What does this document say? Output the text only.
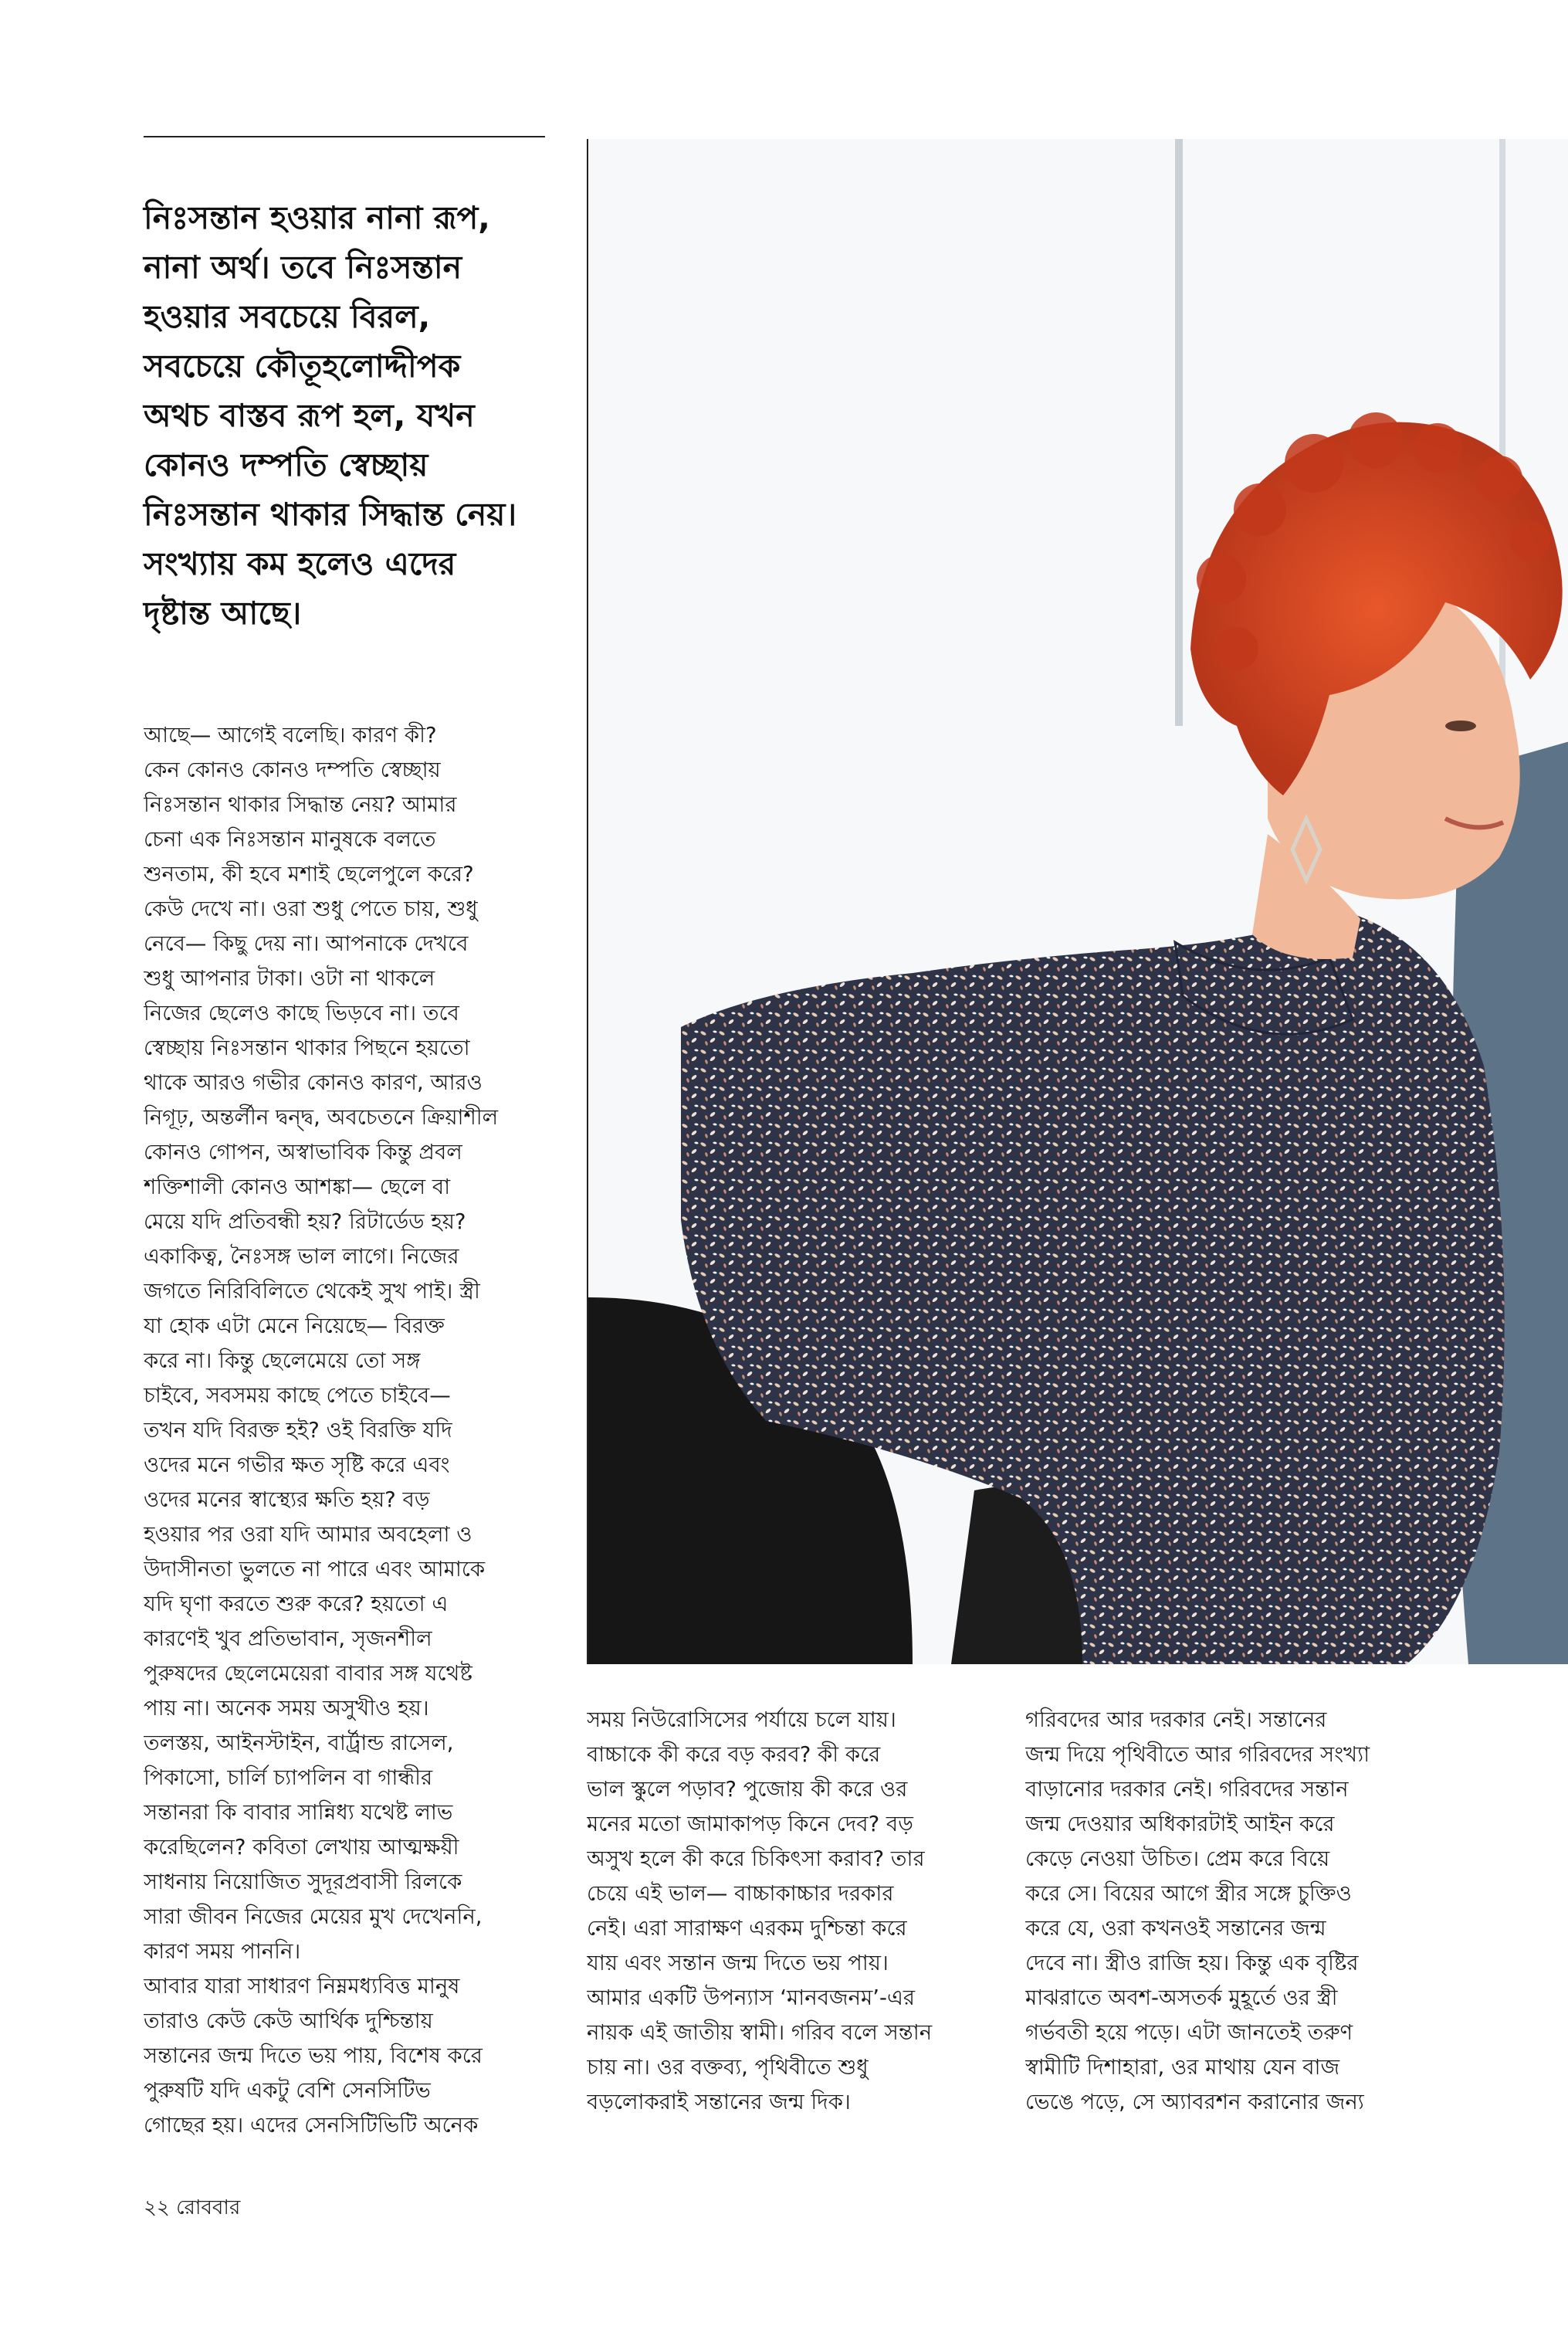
নিঃসন্তান হওয়ার নানা রূপ,
নানা অর্থ। তবে নিঃসন্তান
হওয়ার সবচেয়ে বিরল,
সবচেয়ে কৌতূহলোদ্দীপক
অথচ বাস্তব রূপ হল, যখন
কোনও দম্পতি স্বেচ্ছায়
নিঃসন্তান থাকার সিদ্ধান্ত নেয়।
সংখ্যায় কম হলেও এদের
দৃষ্টান্ত আছে।

আছে— আগেই বলেছি। কারণ কী?
কেন কোনও কোনও দম্পতি স্বেচ্ছায়
নিঃসন্তান থাকার সিদ্ধান্ত নেয়? আমার
চেনা এক নিঃসন্তান মানুষকে বলতে
শুনতাম, কী হবে মশাই ছেলেপুলে করে?
কেউ দেখে না। ওরা শুধু পেতে চায়, শুধু
নেবে— কিছু দেয় না। আপনাকে দেখবে
শুধু আপনার টাকা। ওটা না থাকলে
নিজের ছেলেও কাছে ভিড়বে না। তবে
স্বেচ্ছায় নিঃসন্তান থাকার পিছনে হয়তো
থাকে আরও গভীর কোনও কারণ, আরও
নিগূঢ়, অন্তর্লীন দ্বন্দ্ব, অবচেতনে ক্রিয়াশীল
কোনও গোপন, অস্বাভাবিক কিন্তু প্রবল
শক্তিশালী কোনও আশঙ্কা— ছেলে বা
মেয়ে যদি প্রতিবন্ধী হয়? রিটার্ডেড হয়?
একাকিত্ব, নৈঃসঙ্গ ভাল লাগে। নিজের
জগতে নিরিবিলিতে থেকেই সুখ পাই। স্ত্রী
যা হোক এটা মেনে নিয়েছে— বিরক্ত
করে না। কিন্তু ছেলেমেয়ে তো সঙ্গ
চাইবে, সবসময় কাছে পেতে চাইবে—
তখন যদি বিরক্ত হই? ওই বিরক্তি যদি
ওদের মনে গভীর ক্ষত সৃষ্টি করে এবং
ওদের মনের স্বাস্থ্যের ক্ষতি হয়? বড়
হওয়ার পর ওরা যদি আমার অবহেলা ও
উদাসীনতা ভুলতে না পারে এবং আমাকে
যদি ঘৃণা করতে শুরু করে? হয়তো এ
কারণেই খুব প্রতিভাবান, সৃজনশীল
পুরুষদের ছেলেমেয়েরা বাবার সঙ্গ যথেষ্ট
পায় না। অনেক সময় অসুখীও হয়।
তলস্তয়, আইনস্টাইন, বার্ট্রান্ড রাসেল,
পিকাসো, চার্লি চ্যাপলিন বা গান্ধীর
সন্তানরা কি বাবার সান্নিধ্য যথেষ্ট লাভ
করেছিলেন? কবিতা লেখায় আত্মক্ষয়ী
সাধনায় নিয়োজিত সুদূরপ্রবাসী রিলকে
সারা জীবন নিজের মেয়ের মুখ দেখেননি,
কারণ সময় পাননি।
আবার যারা সাধারণ নিম্নমধ্যবিত্ত মানুষ
তারাও কেউ কেউ আর্থিক দুশ্চিন্তায়
সন্তানের জন্ম দিতে ভয় পায়, বিশেষ করে
পুরুষটি যদি একটু বেশি সেনসিটিভ
গোছের হয়। এদের সেনসিটিভিটি অনেক

সময় নিউরোসিসের পর্যায়ে চলে যায়।
বাচ্চাকে কী করে বড় করব? কী করে
ভাল স্কুলে পড়াব? পুজোয় কী করে ওর
মনের মতো জামাকাপড় কিনে দেব? বড়
অসুখ হলে কী করে চিকিৎসা করাব? তার
চেয়ে এই ভাল— বাচ্চাকাচ্চার দরকার
নেই। এরা সারাক্ষণ এরকম দুশ্চিন্তা করে
যায় এবং সন্তান জন্ম দিতে ভয় পায়।
আমার একটি উপন্যাস ‘মানবজনম’-এর
নায়ক এই জাতীয় স্বামী। গরিব বলে সন্তান
চায় না। ওর বক্তব্য, পৃথিবীতে শুধু
বড়লোকরাই সন্তানের জন্ম দিক।

গরিবদের আর দরকার নেই। সন্তানের
জন্ম দিয়ে পৃথিবীতে আর গরিবদের সংখ্যা
বাড়ানোর দরকার নেই। গরিবদের সন্তান
জন্ম দেওয়ার অধিকারটাই আইন করে
কেড়ে নেওয়া উচিত। প্রেম করে বিয়ে
করে সে। বিয়ের আগে স্ত্রীর সঙ্গে চুক্তিও
করে যে, ওরা কখনওই সন্তানের জন্ম
দেবে না। স্ত্রীও রাজি হয়। কিন্তু এক বৃষ্টির
মাঝরাতে অবশ-অসতর্ক মুহূর্তে ওর স্ত্রী
গর্ভবতী হয়ে পড়ে। এটা জানতেই তরুণ
স্বামীটি দিশাহারা, ওর মাথায় যেন বাজ
ভেঙে পড়ে, সে অ্যাবরশন করানোর জন্য

২২ রোববার
